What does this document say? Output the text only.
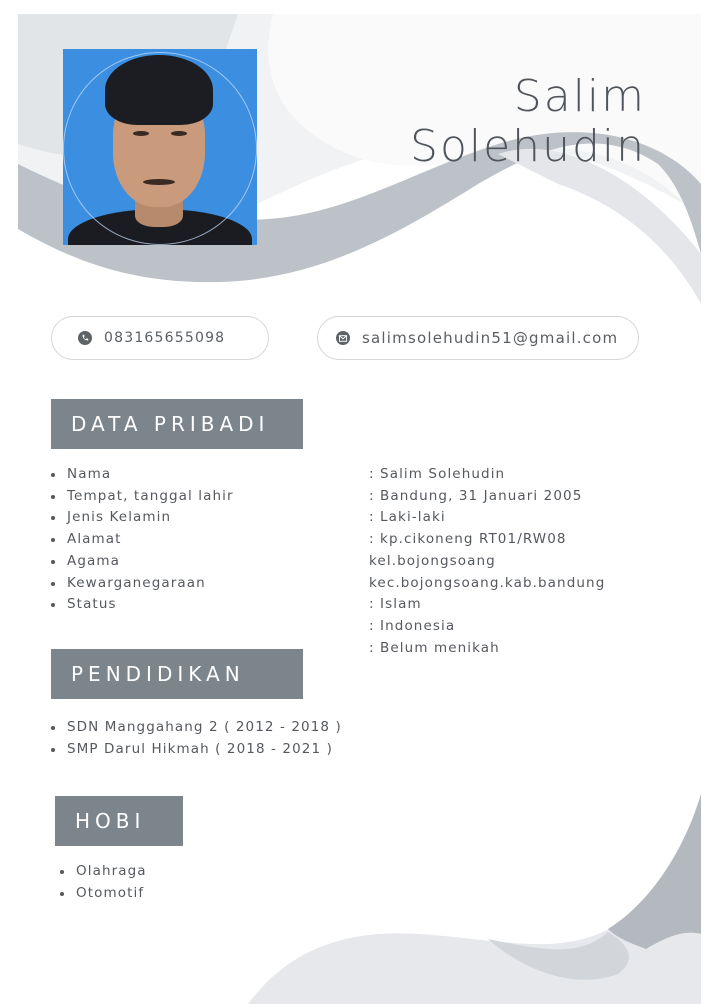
Salim
Solehudin
083165655098	salimsolehudin51@gmail.com
DATA PRIBADI
Nama
Tempat, tanggal lahir
Jenis Kelamin
Alamat
Agama
Kewarganegaraan
Status
: Salim Solehudin
: Bandung, 31 Januari 2005
: Laki-laki
: kp.cikoneng RT01/RW08
kel.bojongsoang
kec.bojongsoang.kab.bandung
: Islam
: Indonesia
: Belum menikah
PENDIDIKAN
SDN Manggahang 2 ( 2012 - 2018 )
SMP Darul Hikmah ( 2018 - 2021 )
HOBI
Olahraga
Otomotif
